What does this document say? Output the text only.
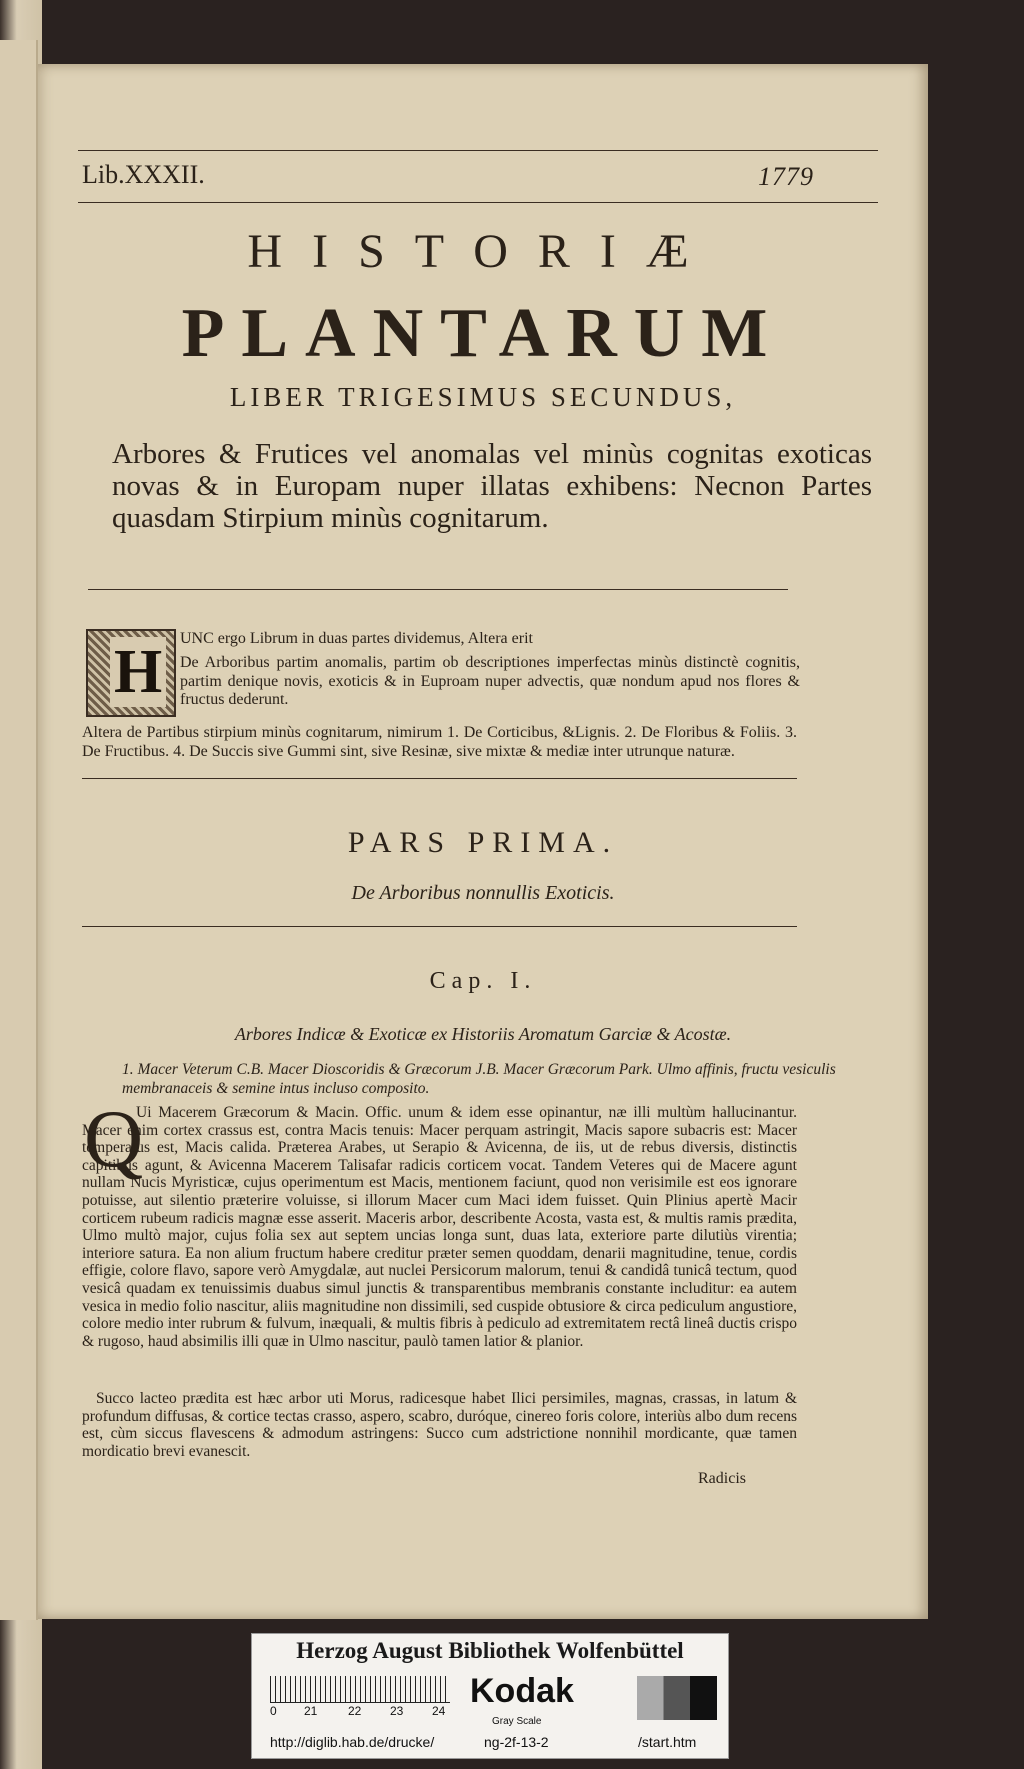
Lib.XXXII.	1779
HISTORIÆ
PLANTARUM
LIBER TRIGESIMUS SECUNDUS,
Arbores & Frutices vel anomalas vel minùs cognitas exoticas novas & in Europam nuper illatas exhibens: Necnon Partes quasdam Stirpium minùs cognitarum.
H UNC ergo Librum in duas partes dividemus, Altera erit
De Arboribus partim anomalis, partim ob descriptiones imperfectas minùs distinctè cognitis, partim denique novis, exoticis & in Euproam nuper advectis, quæ nondum apud nos flores & fructus dederunt.
Altera de Partibus stirpium minùs cognitarum, nimirum 1. De Corticibus, &Lignis. 2. De Floribus & Foliis. 3. De Fructibus. 4. De Succis sive Gummi sint, sive Resinæ, sive mixtæ & mediæ inter utrunque naturæ.
PARS PRIMA.
De Arboribus nonnullis Exoticis.
Cap. I.
Arbores Indicæ & Exoticæ ex Historiis Aromatum Garciæ & Acostæ.
1. Macer Veterum C.B. Macer Dioscoridis & Græcorum J.B. Macer Græcorum Park. Ulmo affinis, fructu vesiculis membranaceis & semine intus incluso composito.
Q
Ui Macerem Græcorum & Macin. Offic. unum & idem esse opinantur, næ illi multùm hallucinantur. Macer enim cortex crassus est, contra Macis tenuis: Macer perquam astringit, Macis sapore subacris est: Macer temperatus est, Macis calida. Præterea Arabes, ut Serapio & Avicenna, de iis, ut de rebus diversis, distinctis capitibus agunt, & Avicenna Macerem Talisafar radicis corticem vocat. Tandem Veteres qui de Macere agunt nullam Nucis Myristicæ, cujus operimentum est Macis, mentionem faciunt, quod non verisimile est eos ignorare potuisse, aut silentio præterire voluisse, si illorum Macer cum Maci idem fuisset. Quin Plinius apertè Macir corticem rubeum radicis magnæ esse asserit. Maceris arbor, describente Acosta, vasta est, & multis ramis prædita, Ulmo multò major, cujus folia sex aut septem uncias longa sunt, duas lata, exteriore parte dilutiùs virentia; interiore satura. Ea non alium fructum habere creditur præter semen quoddam, denarii magnitudine, tenue, cordis effigie, colore flavo, sapore verò Amygdalæ, aut nuclei Persicorum malorum, tenui & candidâ tunicâ tectum, quod vesicâ quadam ex tenuissimis duabus simul junctis & transparentibus membranis constante includitur: ea autem vesica in medio folio nascitur, aliis magnitudine non dissimili, sed cuspide obtusiore & circa pediculum angustiore, colore medio inter rubrum & fulvum, inæquali, & multis fibris à pediculo ad extremitatem rectâ lineâ ductis crispo & rugoso, haud absimilis illi quæ in Ulmo nascitur, paulò tamen latior & planior.
Succo lacteo prædita est hæc arbor uti Morus, radicesque habet Ilici persimiles, magnas, crassas, in latum & profundum diffusas, & cortice tectas crasso, aspero, scabro, duróque, cinereo foris colore, interiùs albo dum recens est, cùm siccus flavescens & admodum astringens: Succo cum adstrictione nonnihil mordicante, quæ tamen mordicatio brevi evanescit.
Radicis
Herzog August Bibliothek Wolfenbüttel
0 21	22 23 24
Kodak
Gray Scale
http://diglib.hab.de/drucke/	ng-2f-13-2	/start.htm
